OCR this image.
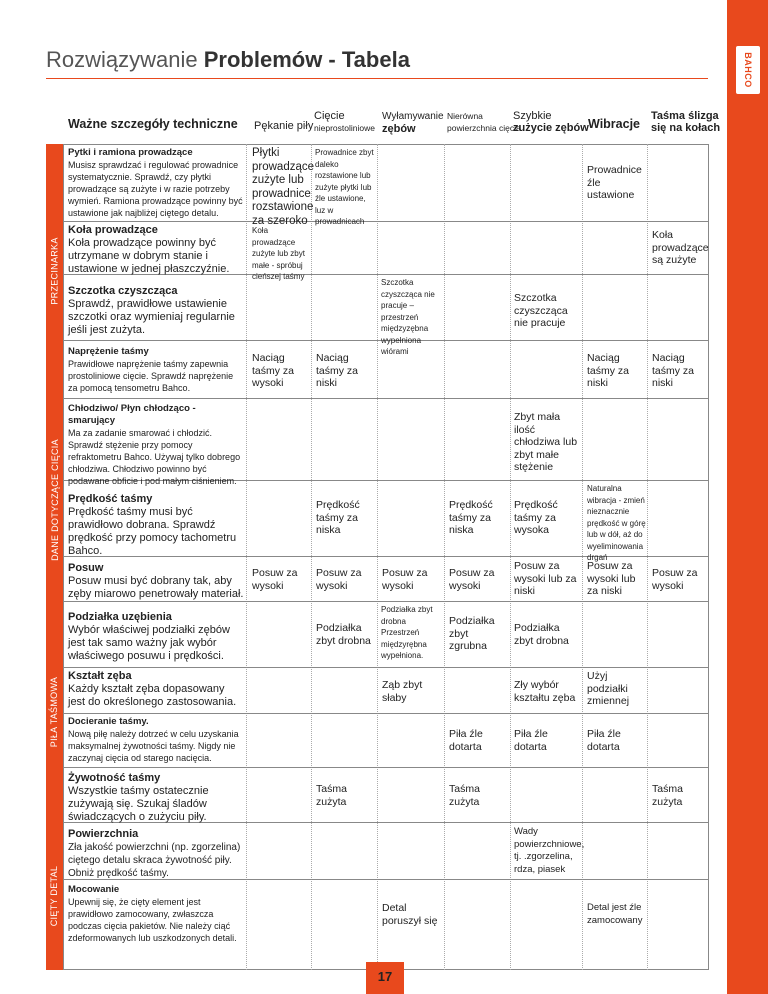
BAHCO
Rozwiązywanie Problemów - Tabela
Ważne szczegóły techniczne Pękanie piły
Cięcie
nieprostoliniowe
Wyłamywanie
zębów
Nierówna
powierzchnia cięcia
Szybkie
zużycie zębów Wibracje
Taśma ślizga
się na kołach
PRZECINARKA
DANE DOTYCZĄCE CIĘCIA
PIŁA TAŚMOWA
CIĘTY DETAL
Pytki i ramiona prowadzące
Musisz sprawdzać i regulować prowadnice systematycznie. Sprawdź, czy płytki prowadzące są zużyte i w razie potrzeby wymień. Ramiona prowadzące powinny być ustawione jak najbliżej ciętego detalu.
Płytki prowadzące zużyte lub prowadnice rozstawione za szeroko
Prowadnice zbyt daleko rozstawione lub zużyte płytki lub źle ustawione, luz w prowadnicach
Prowadnice źle ustawione
Koła prowadzące
Koła prowadzące powinny być utrzymane w dobrym stanie i ustawione w jednej płaszczyźnie.
Koła prowadzące zużyte lub zbyt małe - spróbuj cieńszej taśmy
Koła prowadzące są zużyte
Szczotka czyszcząca
Sprawdź, prawidłowe ustawienie szczotki oraz wymieniaj regularnie jeśli jest zużyta.
Szczotka czyszcząca nie pracuje – przestrzeń międzyzębna wypełniona wiórami
Szczotka czyszcząca nie pracuje
Naprężenie taśmy
Prawidłowe naprężenie taśmy zapewnia prostoliniowe cięcie. Sprawdź naprężenie za pomocą tensometru Bahco.
Naciąg taśmy za wysoki
Naciąg taśmy za niski
Naciąg taśmy za niski
Naciąg taśmy za niski
Chłodziwo/ Płyn chłodząco - smarujący
Ma za zadanie smarować i chłodzić. Sprawdź stężenie przy pomocy refraktometru Bahco. Używaj tylko dobrego chłodziwa. Chłodziwo powinno być podawane obficie i pod małym ciśnieniem.
Zbyt mała ilość chłodziwa lub zbyt małe stężenie
Prędkość taśmy
Prędkość taśmy musi być prawidłowo dobrana. Sprawdź prędkość przy pomocy tachometru Bahco.
Prędkość taśmy za niska
Prędkość taśmy za niska
Prędkość taśmy za wysoka
Naturalna wibracja - zmień nieznacznie prędkość w górę lub w dół, aż do wyeliminowania drgań
Posuw
Posuw musi być dobrany tak, aby zęby miarowo penetrowały materiał.
Posuw za wysoki
Posuw za wysoki
Posuw za wysoki
Posuw za wysoki
Posuw za wysoki lub za niski
Posuw za wysoki lub za niski
Posuw za wysoki
Podziałka uzębienia
Wybór właściwej podziałki zębów jest tak samo ważny jak wybór właściwego posuwu i prędkości.
Podziałka zbyt drobna
Podziałka zbyt drobna Przestrzeń międzyrębna wypełniona.
Podziałka zbyt zgrubna
Podziałka zbyt drobna
Kształt zęba
Każdy kształt zęba dopasowany jest do określonego zastosowania.
Ząb zbyt słaby
Zły wybór kształtu zęba
Użyj podziałki zmiennej
Docieranie taśmy.
Nową piłę należy dotrzeć w celu uzyskania maksymalnej żywotności taśmy. Nigdy nie zaczynaj cięcia od starego nacięcia.
Piła źle dotarta
Piła źle dotarta
Piła źle dotarta
Żywotność taśmy
Wszystkie taśmy ostatecznie zużywają się. Szukaj śladów świadczących o zużyciu piły.
Taśma zużyta
Taśma zużyta
Taśma zużyta
Powierzchnia
Zła jakość powierzchni (np. zgorzelina) ciętego detalu skraca żywotność piły. Obniż prędkość taśmy.
Wady powierzchniowe, tj. .zgorzelina, rdza, piasek
Mocowanie
Upewnij się, że cięty element jest prawidłowo zamocowany, zwłaszcza podczas cięcia pakietów. Nie należy ciąć zdeformowanych lub uszkodzonych detali.
Detal poruszył się
Detal jest źle zamocowany
17
